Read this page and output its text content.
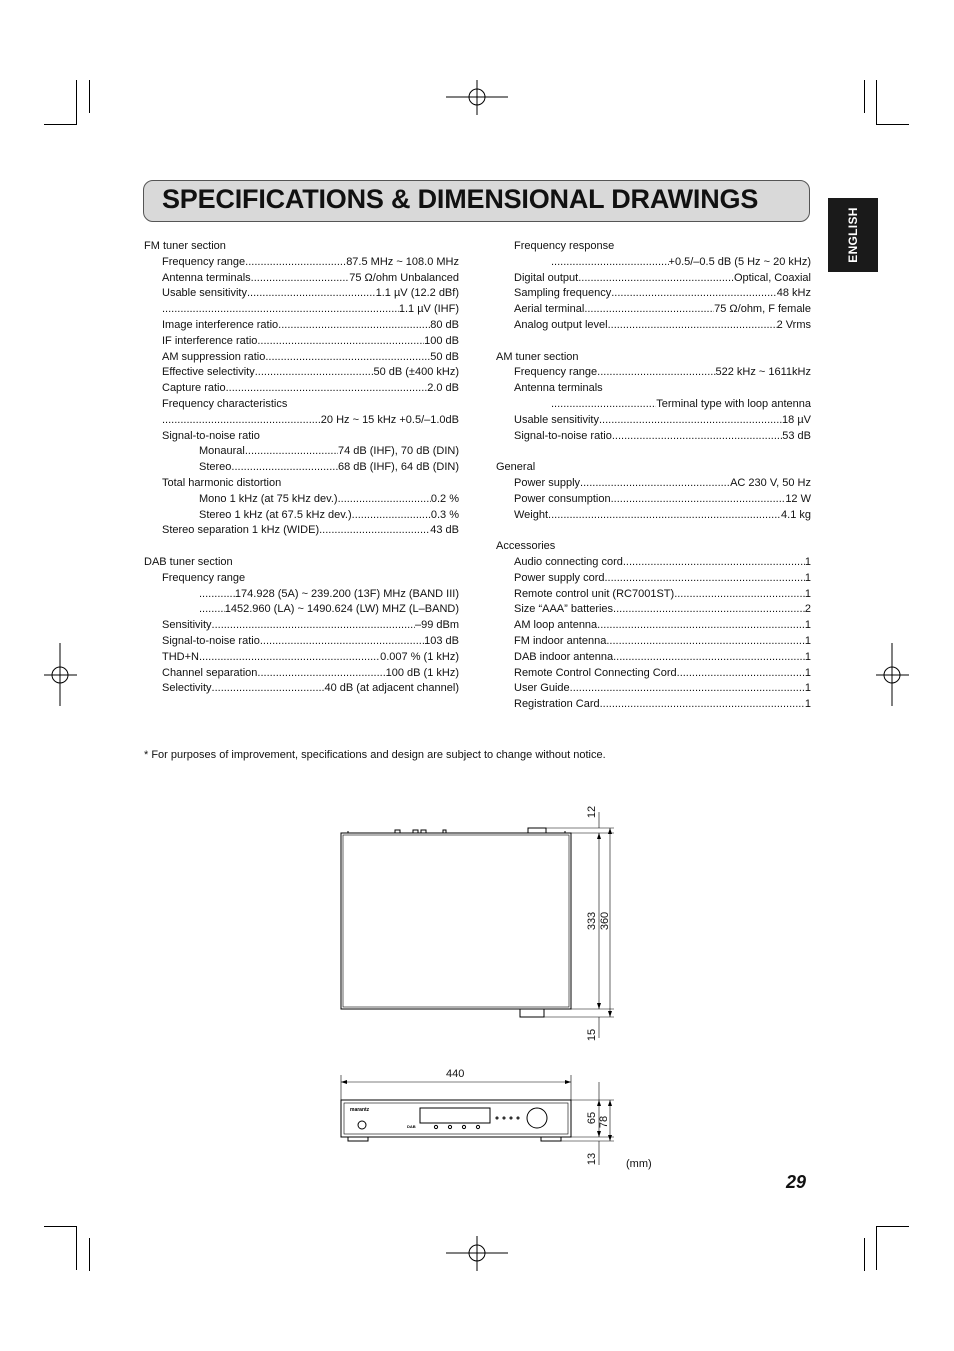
SPECIFICATIONS & DIMENSIONAL DRAWINGS
ENGLISH
FM tuner section
Frequency range .....	87.5 MHz ~ 108.0 MHz
Antenna terminals .....	75 Ω/ohm Unbalanced
Usable sensitivity .....	1.1 µV (12.2 dBf)
.....
1.1 µV (IHF)
Image interference ratio .....	80 dB
IF interference ratio .....	100 dB
AM suppression ratio .....	50 dB
Effective selectivity .....	50 dB (±400 kHz)
Capture ratio .....	2.0 dB
Frequency characteristics
.....
20 Hz ~ 15 kHz +0.5/–1.0dB
Signal-to-noise ratio
Monaural .....	74 dB (IHF), 70 dB (DIN)
Stereo .....	68 dB (IHF), 64 dB (DIN)
Total harmonic distortion
Mono 1 kHz (at 75 kHz dev.) .....	0.2 %
Stereo 1 kHz (at 67.5 kHz dev.) .....	0.3 %
Stereo separation 1 kHz (WIDE) .....	43 dB
DAB tuner section
Frequency range
.....
174.928 (5A) ~ 239.200 (13F) MHz (BAND III)
.....
1452.960 (LA) ~ 1490.624 (LW) MHZ (L–BAND)
Sensitivity .....	–99 dBm
Signal-to-noise ratio .....	103 dB
THD+N .....	0.007 % (1 kHz)
Channel separation .....	100 dB (1 kHz)
Selectivity .....	40 dB (at adjacent channel)
Frequency response
.....
+0.5/–0.5 dB (5 Hz ~ 20 kHz)
Digital output .....	Optical, Coaxial
Sampling frequency .....	48 kHz
Aerial terminal .....	75 Ω/ohm, F female
Analog output level .....	2 Vrms
AM tuner section
Frequency range .....	522 kHz ~ 1611kHz
Antenna terminals
.....
Terminal type with loop antenna
Usable sensitivity .....	18 µV
Signal-to-noise ratio .....	53 dB
General
Power supply .....	AC 230 V, 50 Hz
Power consumption .....	12 W
Weight .....	4.1 kg
Accessories
Audio connecting cord .....	1
Power supply cord .....	1
Remote control unit (RC7001ST) .....	1
Size “AAA” batteries .....	2
AM loop antenna .....	1
FM indoor antenna .....	1
DAB indoor antenna .....	1
Remote Control Connecting Cord .....	1
User Guide .....	1
Registration Card .....	1
* For purposes of improvement, specifications and design are subject to change without notice.
marantz
DAB
12
333 360
15
440
65 78
13	(mm)
29
